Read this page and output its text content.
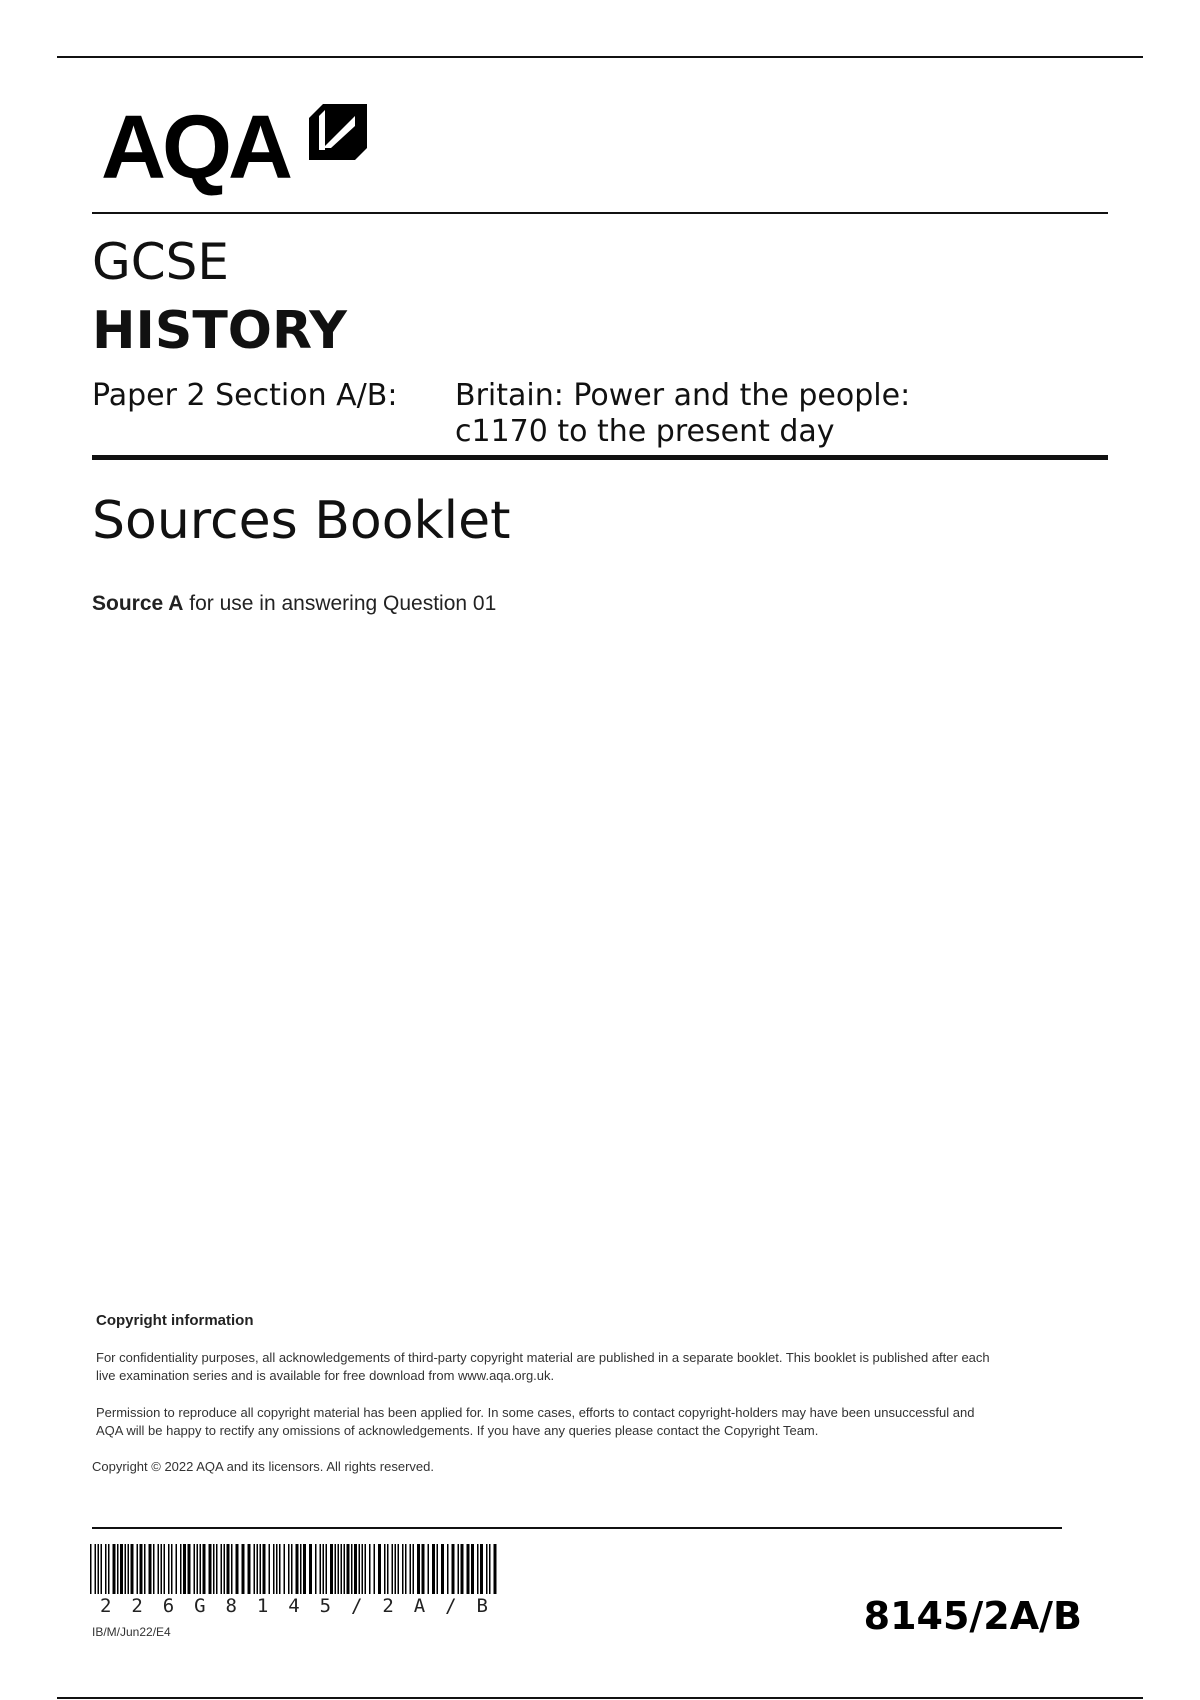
AQA
GCSE
HISTORY
Paper 2 Section A/B: Britain: Power and the people:
c1170 to the present day
Sources Booklet
Source A for use in answering Question 01
Copyright information
For confidentiality purposes, all acknowledgements of third-party copyright material are published in a separate booklet. This booklet is published after each
live examination series and is available for free download from www.aqa.org.uk.
Permission to reproduce all copyright material has been applied for. In some cases, efforts to contact copyright-holders may have been unsuccessful and
AQA will be happy to rectify any omissions of acknowledgements. If you have any queries please contact the Copyright Team.
Copyright © 2022 AQA and its licensors. All rights reserved.
2 2 6 G 8 1 4 5 / 2 A / B
IB/M/Jun22/E4	8145/2A/B
